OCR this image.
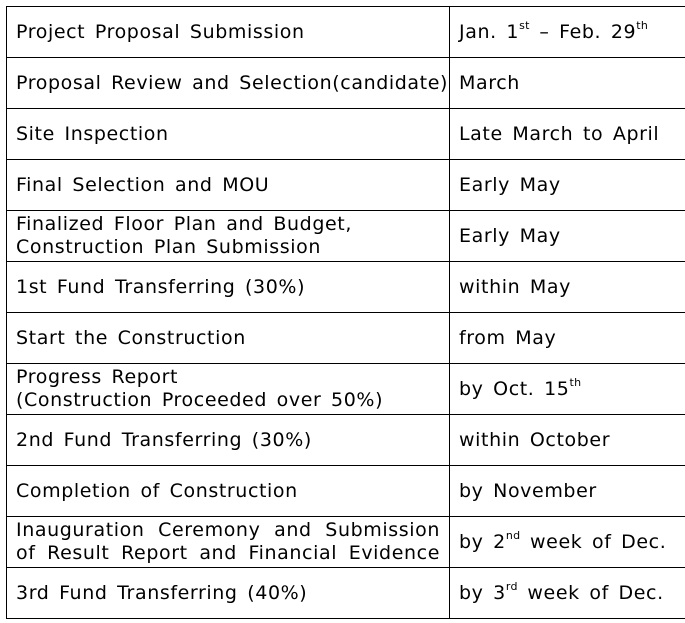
Project Proposal Submission	Jan. 1st – Feb. 29th

Proposal Review and Selection(candidate)	March

Site Inspection	Late March to April

Final Selection and MOU	Early May

Finalized Floor Plan and Budget,
Construction Plan Submission	Early May

1st Fund Transferring (30%)	within May

Start the Construction	from May

Progress Report
(Construction Proceeded over 50%)	by Oct. 15th

2nd Fund Transferring (30%)	within October

Completion of Construction	by November

Inauguration Ceremony and Submission
of Result Report and Financial Evidence	by 2nd week of Dec.

3rd Fund Transferring (40%)	by 3rd week of Dec.
